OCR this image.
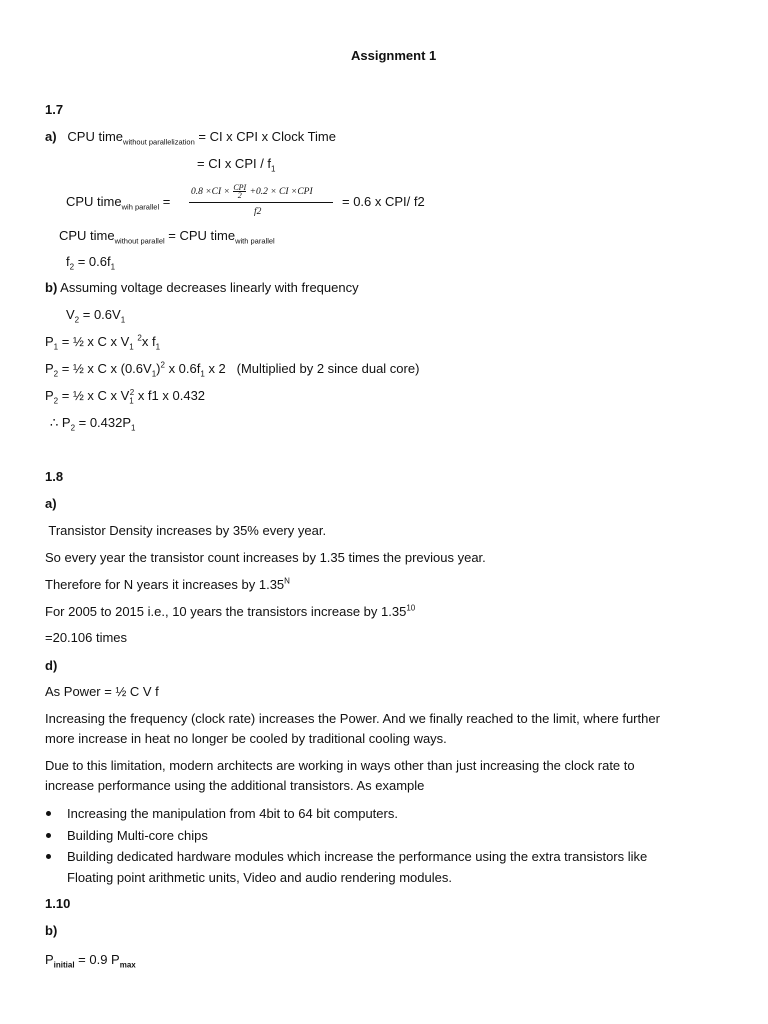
Assignment 1
1.7
a) CPU time$_{without parallelization}$ = CI x CPI x Clock Time
= CI x CPI / $f_1$
CPU time$_{wih parallel}$ =
0.8 ×CI × CPI
2 +0.2 × CI ×CPI
f2
= 0.6 x CPI/ f2
CPU time$_{without parallel}$ = CPU time$_{with parallel}$
$f_2 = 0.6f_1$
b) Assuming voltage decreases linearly with frequency
$V_2 = 0.6V_1$
$P_1$ = ½ x C x $V_1$ $^2$x $f_1$
$P_2$ = ½ x C x $(0.6V_1)^2$ x $0.6f_1$ x 2   (Multiplied by 2 since dual core)
$P_2$ = ½ x C x $V_1^2$ x f1 x 0.432
∴ $P_2 = 0.432P_1$
1.8
a)
Transistor Density increases by 35% every year.
So every year the transistor count increases by 1.35 times the previous year.
Therefore for N years it increases by $1.35^N$
For 2005 to 2015 i.e., 10 years the transistors increase by $1.35^{10}$
=20.106 times
d)
As Power = ½ C V f
Increasing the frequency (clock rate) increases the Power. And we finally reached to the limit, where further
more increase in heat no longer be cooled by traditional cooling ways.
Due to this limitation, modern architects are working in ways other than just increasing the clock rate to
increase performance using the additional transistors. As example
Increasing the manipulation from 4bit to 64 bit computers.
Building Multi-core chips
Building dedicated hardware modules which increase the performance using the extra transistors like
Floating point arithmetic units, Video and audio rendering modules.
1.10
b)
$P_{initial} = 0.9$ $P_{max}$
